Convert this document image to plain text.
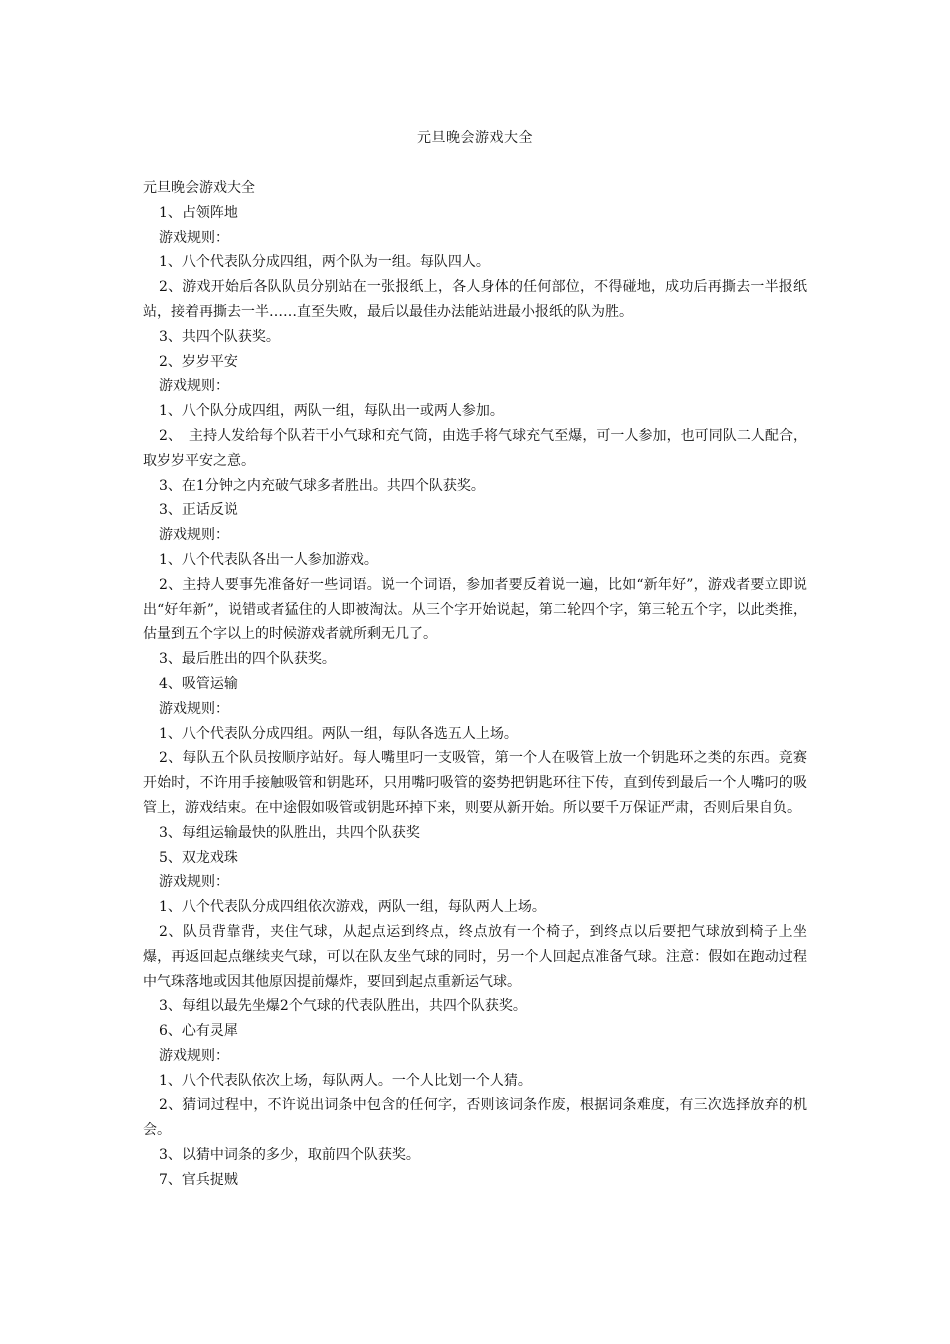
元旦晚会游戏大全

元旦晚会游戏大全

1、占领阵地

游戏规则：

1、八个代表队分成四组，两个队为一组。每队四人。

2、游戏开始后各队队员分别站在一张报纸上，各人身体的任何部位，不得碰地，成功后再撕去一半报纸站，接着再撕去一半……直至失败，最后以最佳办法能站进最小报纸的队为胜。

3、共四个队获奖。

2、岁岁平安

游戏规则：

1、八个队分成四组，两队一组，每队出一或两人参加。

2、　主持人发给每个队若干小气球和充气筒，由选手将气球充气至爆，可一人参加，也可同队二人配合，取岁岁平安之意。

3、在1分钟之内充破气球多者胜出。共四个队获奖。

3、正话反说

游戏规则：

1、八个代表队各出一人参加游戏。

2、主持人要事先准备好一些词语。说一个词语，参加者要反着说一遍，比如“新年好”，游戏者要立即说出“好年新”，说错或者猛住的人即被淘汰。从三个字开始说起，第二轮四个字，第三轮五个字，以此类推，估量到五个字以上的时候游戏者就所剩无几了。

3、最后胜出的四个队获奖。

4、吸管运输

游戏规则：

1、八个代表队分成四组。两队一组，每队各选五人上场。

2、每队五个队员按顺序站好。每人嘴里叼一支吸管，第一个人在吸管上放一个钥匙环之类的东西。竞赛开始时，不许用手接触吸管和钥匙环，只用嘴叼吸管的姿势把钥匙环往下传，直到传到最后一个人嘴叼的吸管上，游戏结束。在中途假如吸管或钥匙环掉下来，则要从新开始。所以要千万保证严肃，否则后果自负。

3、每组运输最快的队胜出，共四个队获奖

5、双龙戏珠

游戏规则：

1、八个代表队分成四组依次游戏，两队一组，每队两人上场。

2、队员背靠背，夹住气球，从起点运到终点，终点放有一个椅子，到终点以后要把气球放到椅子上坐爆，再返回起点继续夹气球，可以在队友坐气球的同时，另一个人回起点准备气球。注意：假如在跑动过程中气珠落地或因其他原因提前爆炸，要回到起点重新运气球。

3、每组以最先坐爆2个气球的代表队胜出，共四个队获奖。

6、心有灵犀

游戏规则：

1、八个代表队依次上场，每队两人。一个人比划一个人猜。

2、猜词过程中，不许说出词条中包含的任何字，否则该词条作废，根据词条难度，有三次选择放弃的机会。

3、以猜中词条的多少，取前四个队获奖。

7、官兵捉贼
